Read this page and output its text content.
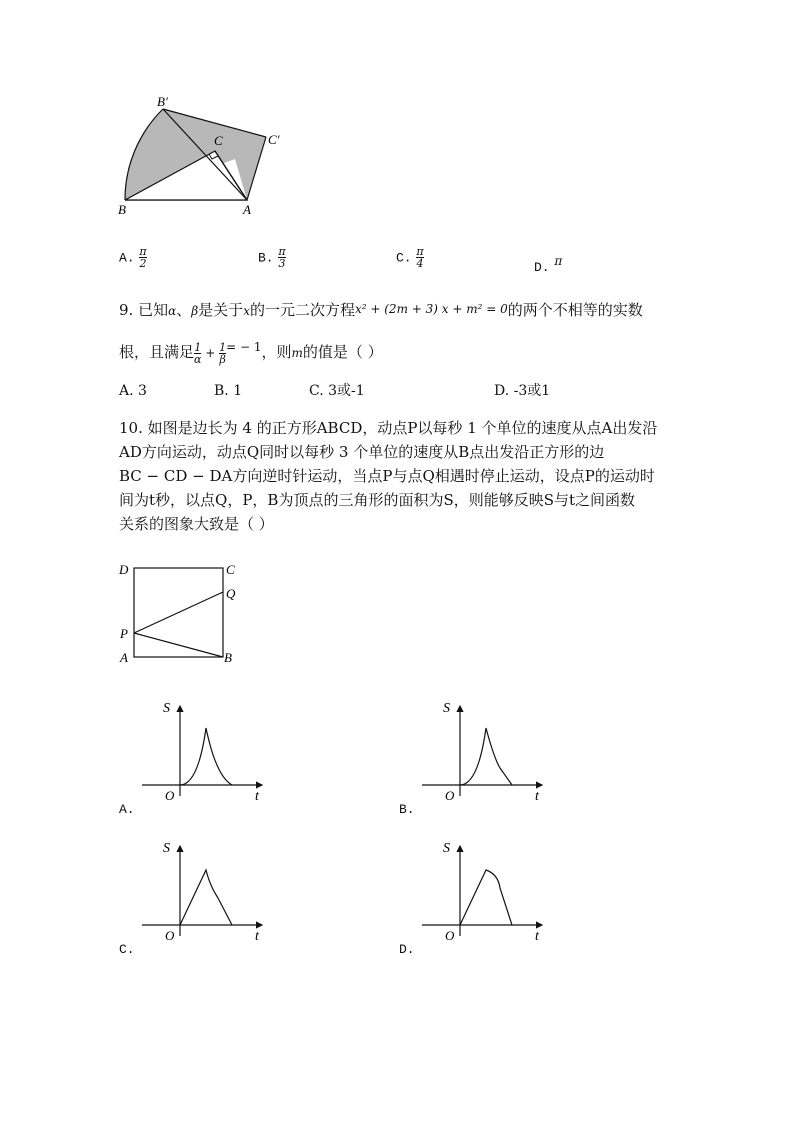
B′
C	C′
B	A
A. $\frac{\pi}{2}$	B. $\frac{\pi}{3}$	C. $\frac{\pi}{4}$	D. $^\pi$
9. 已知α、β是关于x的一元二次方程x² + (2m + 3) x + m² = 0的两个不相等的实数
根，且满足 $\frac{1}{\alpha} + \frac{1}{\beta} ^{= - 1}$，则m的值是（ ）
A. 3	B. 1	C. 3或-1	D. -3或1
10. 如图是边长为 4 的正方形ABCD，动点P以每秒 1 个单位的速度从点A出发沿
AD方向运动，动点Q同时以每秒 3 个单位的速度从B点出发沿正方形的边
BC − CD − DA方向逆时针运动，当点P与点Q相遇时停止运动，设点P的运动时
间为t秒，以点Q，P，B为顶点的三角形的面积为S，则能够反映S与t之间函数
关系的图象大致是（ ）
D	C
Q
P
A	B
S
O	t
A.
S
O	t
B.
S
O	t
C.
S
O	t
D.
